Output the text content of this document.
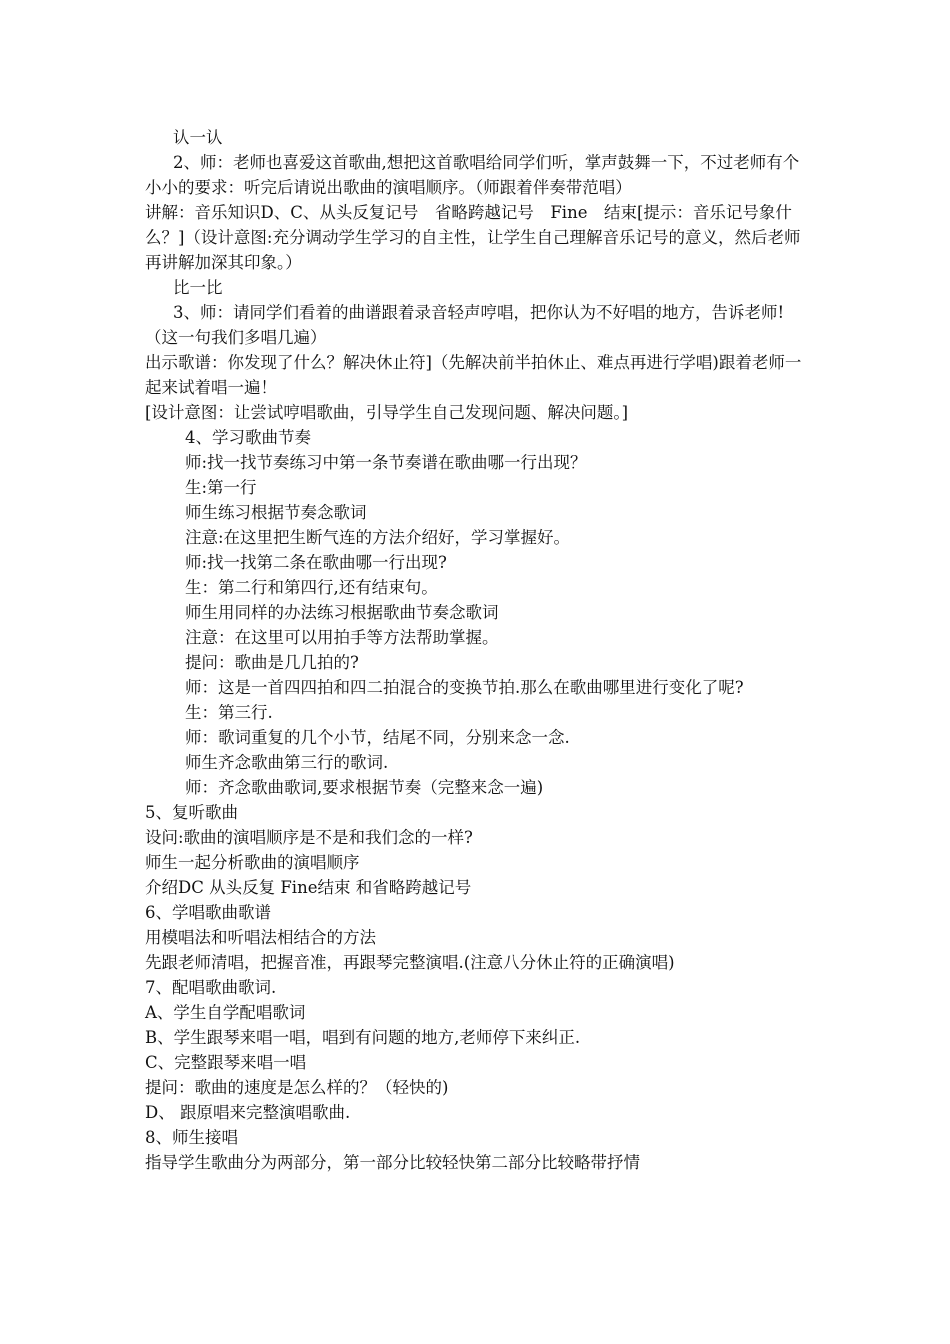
认一认

2、师：老师也喜爱这首歌曲,想把这首歌唱给同学们听，掌声鼓舞一下，不过老师有个小小的要求：听完后请说出歌曲的演唱顺序。（师跟着伴奏带范唱）

讲解：音乐知识D、C、从头反复记号　省略跨越记号　Fine　结束[提示：音乐记号象什么？]（设计意图:充分调动学生学习的自主性，让学生自己理解音乐记号的意义，然后老师再讲解加深其印象。）

比一比

3、师：请同学们看着的曲谱跟着录音轻声哼唱，把你认为不好唱的地方，告诉老师!（这一句我们多唱几遍）

出示歌谱：你发现了什么？解决休止符]（先解决前半拍休止、难点再进行学唱)跟着老师一起来试着唱一遍！

[设计意图：让尝试哼唱歌曲，引导学生自己发现问题、解决问题。]

4、学习歌曲节奏

师:找一找节奏练习中第一条节奏谱在歌曲哪一行出现？

生:第一行

师生练习根据节奏念歌词

注意:在这里把生断气连的方法介绍好，学习掌握好。

师:找一找第二条在歌曲哪一行出现?

生：第二行和第四行,还有结束句。

师生用同样的办法练习根据歌曲节奏念歌词

注意：在这里可以用拍手等方法帮助掌握。

提问：歌曲是几几拍的?

师：这是一首四四拍和四二拍混合的变换节拍.那么在歌曲哪里进行变化了呢?

生：第三行.

师：歌词重复的几个小节，结尾不同，分别来念一念.

师生齐念歌曲第三行的歌词.

师：齐念歌曲歌词,要求根据节奏（完整来念一遍)

5、复听歌曲

设问:歌曲的演唱顺序是不是和我们念的一样?

师生一起分析歌曲的演唱顺序

介绍DC 从头反复 Fine结束 和省略跨越记号

6、学唱歌曲歌谱

用模唱法和听唱法相结合的方法

先跟老师清唱，把握音准，再跟琴完整演唱.(注意八分休止符的正确演唱)

7、配唱歌曲歌词.

A、学生自学配唱歌词

B、学生跟琴来唱一唱，唱到有问题的地方,老师停下来纠正.

C、完整跟琴来唱一唱

提问：歌曲的速度是怎么样的？（轻快的)

D、 跟原唱来完整演唱歌曲.

8、师生接唱

指导学生歌曲分为两部分，第一部分比较轻快第二部分比较略带抒情
